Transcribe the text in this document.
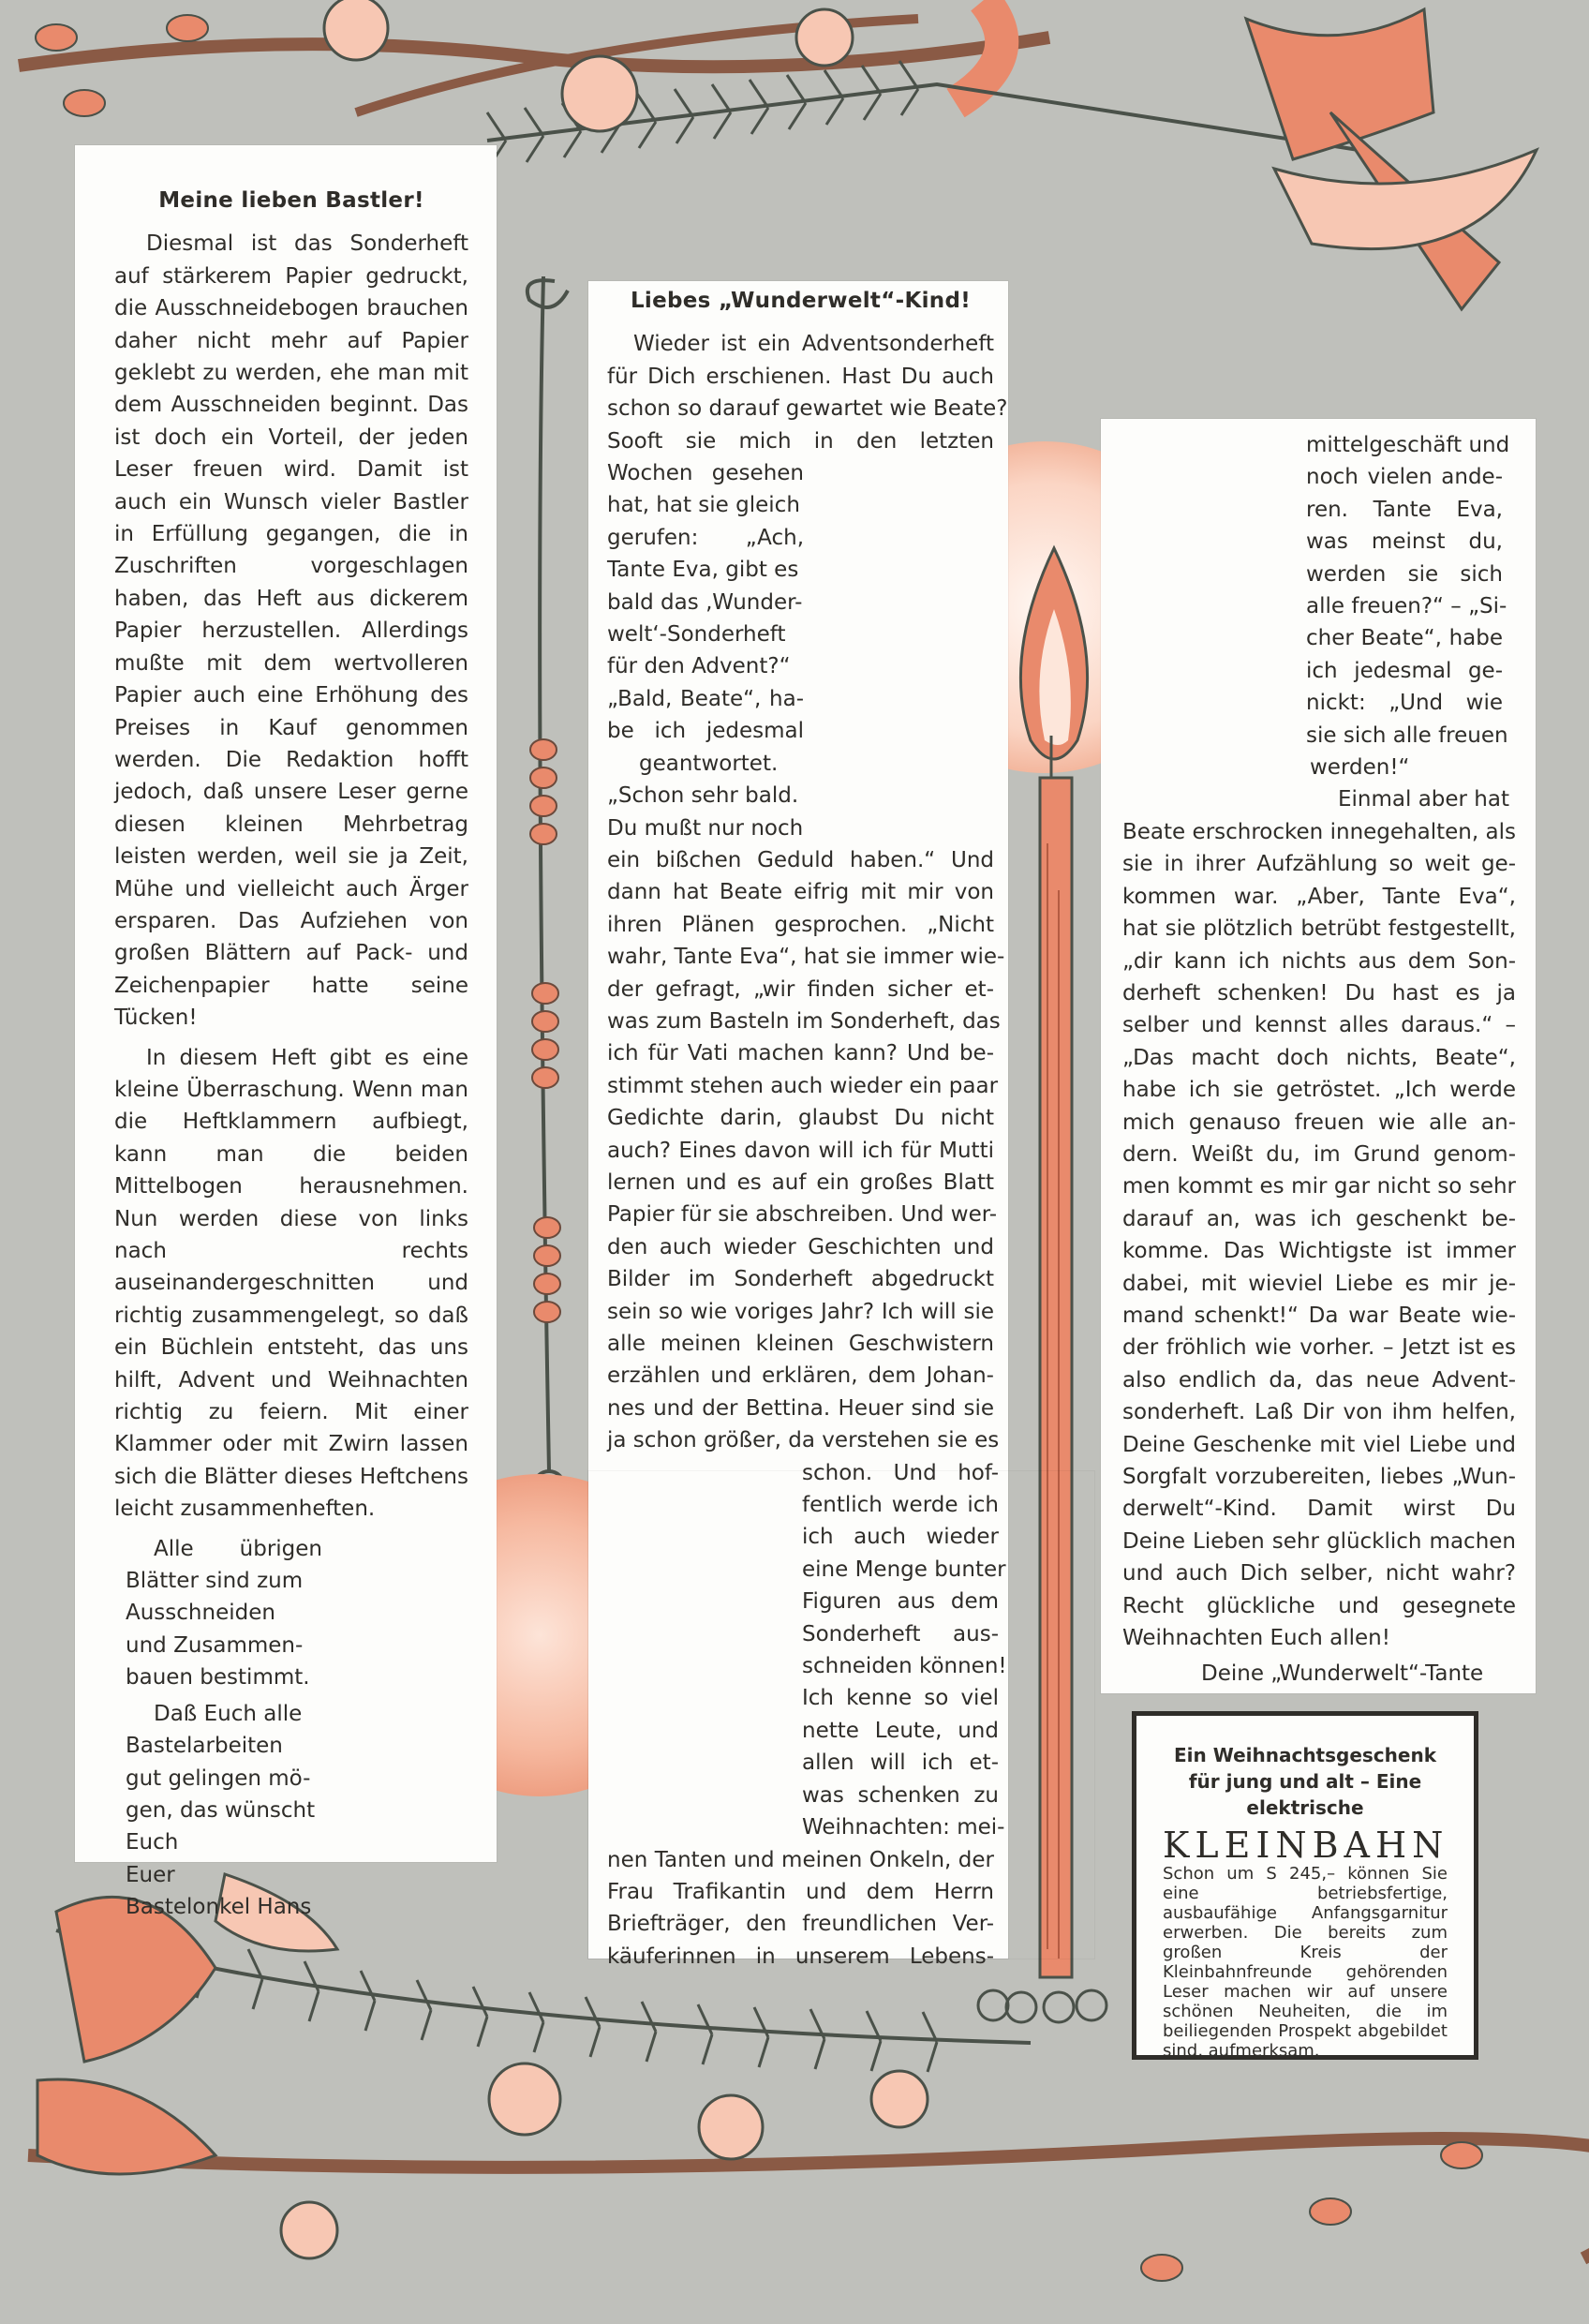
Meine lieben Bastler!

Diesmal ist das Sonderheft auf stärkerem Papier gedruckt, die Ausschneidebogen brauchen daher nicht mehr auf Papier geklebt zu werden, ehe man mit dem Ausschneiden beginnt. Das ist doch ein Vorteil, der jeden Leser freuen wird. Damit ist auch ein Wunsch vieler Bastler in Erfüllung gegangen, die in Zuschriften vorgeschlagen haben, das Heft aus dickerem Papier herzustellen. Allerdings mußte mit dem wertvolleren Papier auch eine Erhöhung des Preises in Kauf genommen werden. Die Redaktion hofft jedoch, daß unsere Leser gerne diesen kleinen Mehrbetrag leisten werden, weil sie ja Zeit, Mühe und vielleicht auch Ärger ersparen. Das Aufziehen von großen Blättern auf Pack- und Zeichenpapier hatte seine Tücken!

In diesem Heft gibt es eine kleine Überraschung. Wenn man die Heftklammern aufbiegt, kann man die beiden Mittelbogen herausnehmen. Nun werden diese von links nach rechts auseinandergeschnitten und richtig zusammengelegt, so daß ein Büchlein entsteht, das uns hilft, Advent und Weihnachten richtig zu feiern. Mit einer Klammer oder mit Zwirn lassen sich die Blätter dieses Heftchens leicht zusammenheften.

Alle übrigen
Blätter sind zum
Ausschneiden
und Zusammen-
bauen bestimmt.
Daß Euch alle
Bastelarbeiten
gut gelingen mö-
gen, das wünscht
Euch
Euer
Bastelonkel Hans
Liebes „Wunderwelt“-Kind!
Wieder ist ein Adventsonderheft
für Dich erschienen. Hast Du auch
schon so darauf gewartet wie Beate?
Sooft sie mich in den letzten
Wochen gesehen
hat, hat sie gleich
gerufen: „Ach,
Tante Eva, gibt es
bald das ‚Wunder-
welt‘-Sonderheft
für den Advent?“
„Bald, Beate“, ha-
be ich jedesmal
geantwortet.
„Schon sehr bald.
Du mußt nur noch
ein bißchen Geduld haben.“ Und
dann hat Beate eifrig mit mir von
ihren Plänen gesprochen. „Nicht
wahr, Tante Eva“, hat sie immer wie-
der gefragt, „wir finden sicher et-
was zum Basteln im Sonderheft, das
ich für Vati machen kann? Und be-
stimmt stehen auch wieder ein paar
Gedichte darin, glaubst Du nicht
auch? Eines davon will ich für Mutti
lernen und es auf ein großes Blatt
Papier für sie abschreiben. Und wer-
den auch wieder Geschichten und
Bilder im Sonderheft abgedruckt
sein so wie voriges Jahr? Ich will sie
alle meinen kleinen Geschwistern
erzählen und erklären, dem Johan-
nes und der Bettina. Heuer sind sie
ja schon größer, da verstehen sie es
schon. Und hof-
fentlich werde ich
ich auch wieder
eine Menge bunter
Figuren aus dem
Sonderheft aus-
schneiden können!
Ich kenne so viel
nette Leute, und
allen will ich et-
was schenken zu
Weihnachten: mei-
nen Tanten und meinen Onkeln, der
Frau Trafikantin und dem Herrn
Briefträger, den freundlichen Ver-
käuferinnen in unserem Lebens-
mittelgeschäft und
noch vielen ande-
ren. Tante Eva,
was meinst du,
werden sie sich
alle freuen?“ – „Si-
cher Beate“, habe
ich jedesmal ge-
nickt: „Und wie
sie sich alle freuen
werden!“
Einmal aber hat
Beate erschrocken innegehalten, als
sie in ihrer Aufzählung so weit ge-
kommen war. „Aber, Tante Eva“,
hat sie plötzlich betrübt festgestellt,
„dir kann ich nichts aus dem Son-
derheft schenken! Du hast es ja
selber und kennst alles daraus.“ –
„Das macht doch nichts, Beate“,
habe ich sie getröstet. „Ich werde
mich genauso freuen wie alle an-
dern. Weißt du, im Grund genom-
men kommt es mir gar nicht so sehr
darauf an, was ich geschenkt be-
komme. Das Wichtigste ist immer
dabei, mit wieviel Liebe es mir je-
mand schenkt!“ Da war Beate wie-
der fröhlich wie vorher. – Jetzt ist es
also endlich da, das neue Advent-
sonderheft. Laß Dir von ihm helfen,
Deine Geschenke mit viel Liebe und
Sorgfalt vorzubereiten, liebes „Wun-
derwelt“-Kind. Damit wirst Du
Deine Lieben sehr glücklich machen
und auch Dich selber, nicht wahr?
Recht glückliche und gesegnete
Weihnachten Euch allen!
Deine „Wunderwelt“-Tante
Ein Weihnachtsgeschenk für jung und alt – Eine elektrische
KLEINBAHN
Schon um S 245,– können Sie eine betriebsfertige, ausbaufähige Anfangsgarnitur erwerben. Die bereits zum großen Kreis der Kleinbahnfreunde gehörenden Leser machen wir auf unsere schönen Neuheiten, die im beiliegenden Prospekt abgebildet sind, aufmerksam.
